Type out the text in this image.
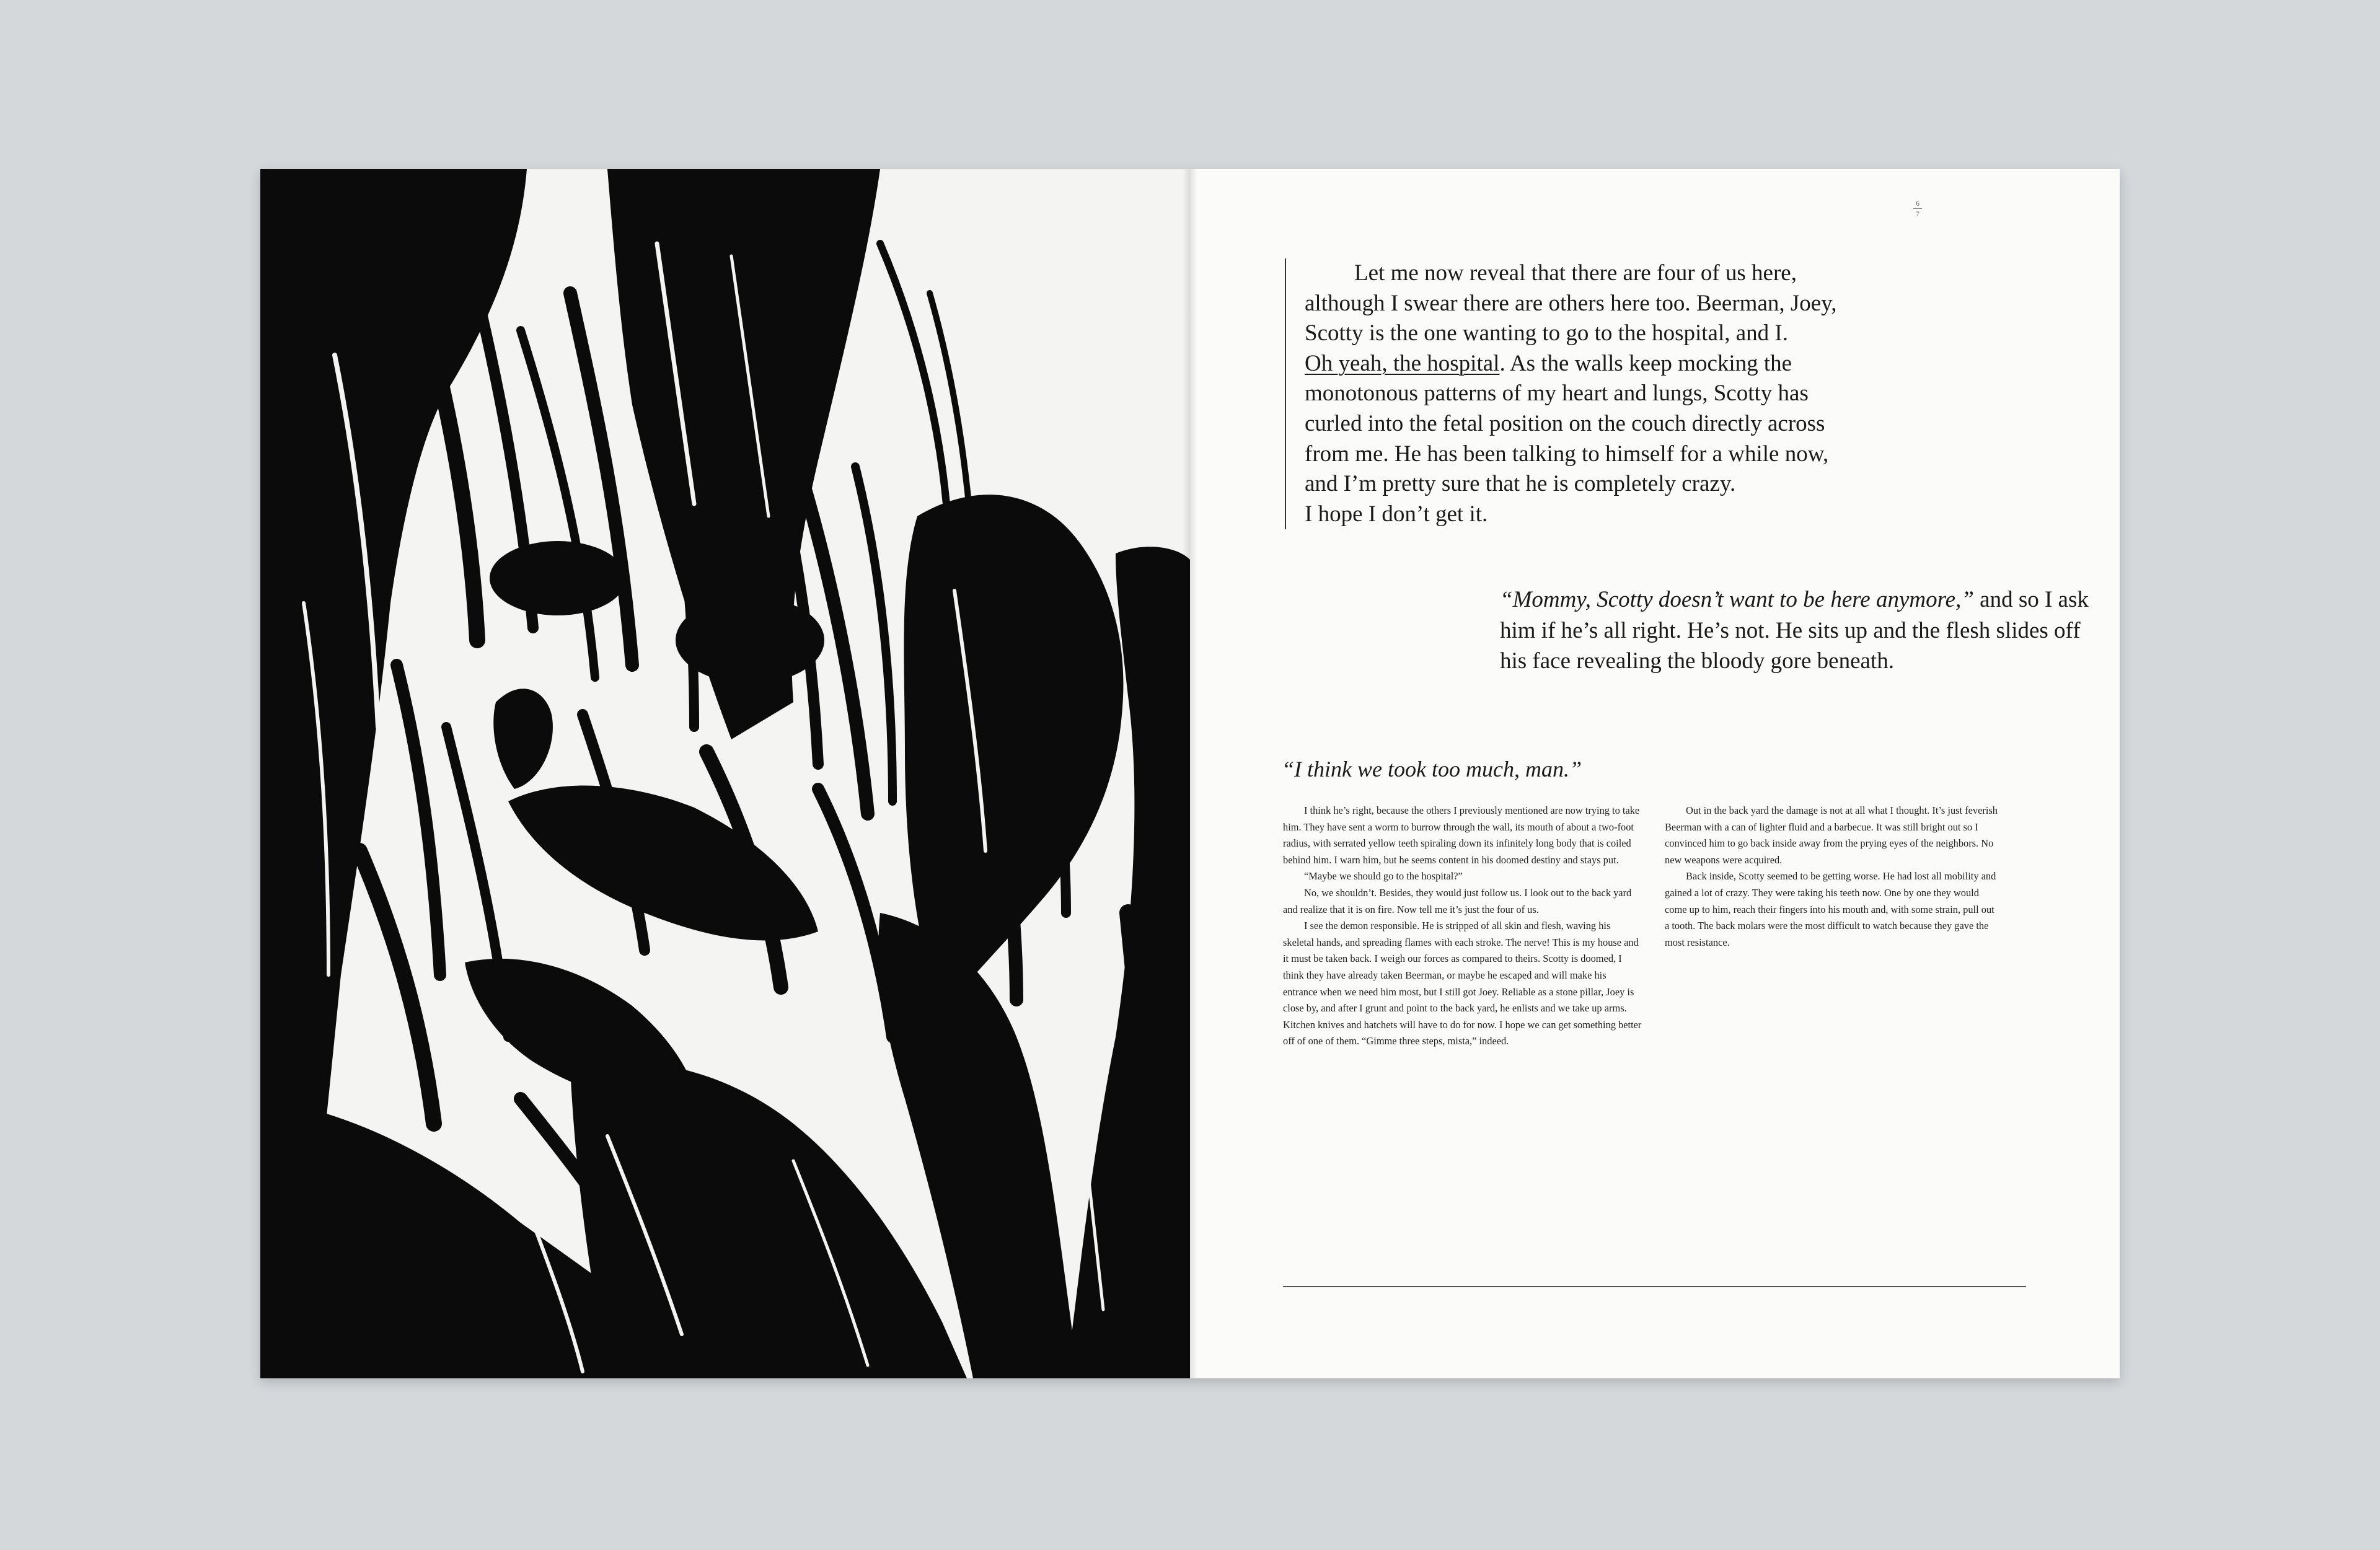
6
7

Let me now reveal that there are four of us here,

although I swear there are others here too. Beerman, Joey,

Scotty is the one wanting to go to the hospital, and I.

Oh yeah, the hospital. As the walls keep mocking the

monotonous patterns of my heart and lungs, Scotty has

curled into the fetal position on the couch directly across

from me. He has been talking to himself for a while now,

and I’m pretty sure that he is completely crazy.

I hope I don’t get it.

“Mommy, Scotty doesn’t want to be here anymore,” and so I ask

him if he’s all right. He’s not. He sits up and the flesh slides off

his face revealing the bloody gore beneath.

“I think we took too much, man.”

I think he’s right, because the others I previously mentioned are now trying to take him. They have sent a worm to burrow through the wall, its mouth of about a two-foot radius, with serrated yellow teeth spiraling down its infinitely long body that is coiled behind him. I warn him, but he seems content in his doomed destiny and stays put.

“Maybe we should go to the hospital?”

No, we shouldn’t. Besides, they would just follow us. I look out to the back yard and realize that it is on fire. Now tell me it’s just the four of us.

I see the demon responsible. He is stripped of all skin and flesh, waving his skeletal hands, and spreading flames with each stroke. The nerve! This is my house and it must be taken back. I weigh our forces as compared to theirs. Scotty is doomed, I think they have already taken Beerman, or maybe he escaped and will make his entrance when we need him most, but I still got Joey. Reliable as a stone pillar, Joey is close by, and after I grunt and point to the back yard, he enlists and we take up arms. Kitchen knives and hatchets will have to do for now. I hope we can get something better off of one of them. “Gimme three steps, mista,” indeed.

Out in the back yard the damage is not at all what I thought. It’s just feverish Beerman with a can of lighter fluid and a barbecue. It was still bright out so I convinced him to go back inside away from the prying eyes of the neighbors. No new weapons were acquired.

Back inside, Scotty seemed to be getting worse. He had lost all mobility and gained a lot of crazy. They were taking his teeth now. One by one they would come up to him, reach their fingers into his mouth and, with some strain, pull out a tooth. The back molars were the most difficult to watch because they gave the most resistance.
